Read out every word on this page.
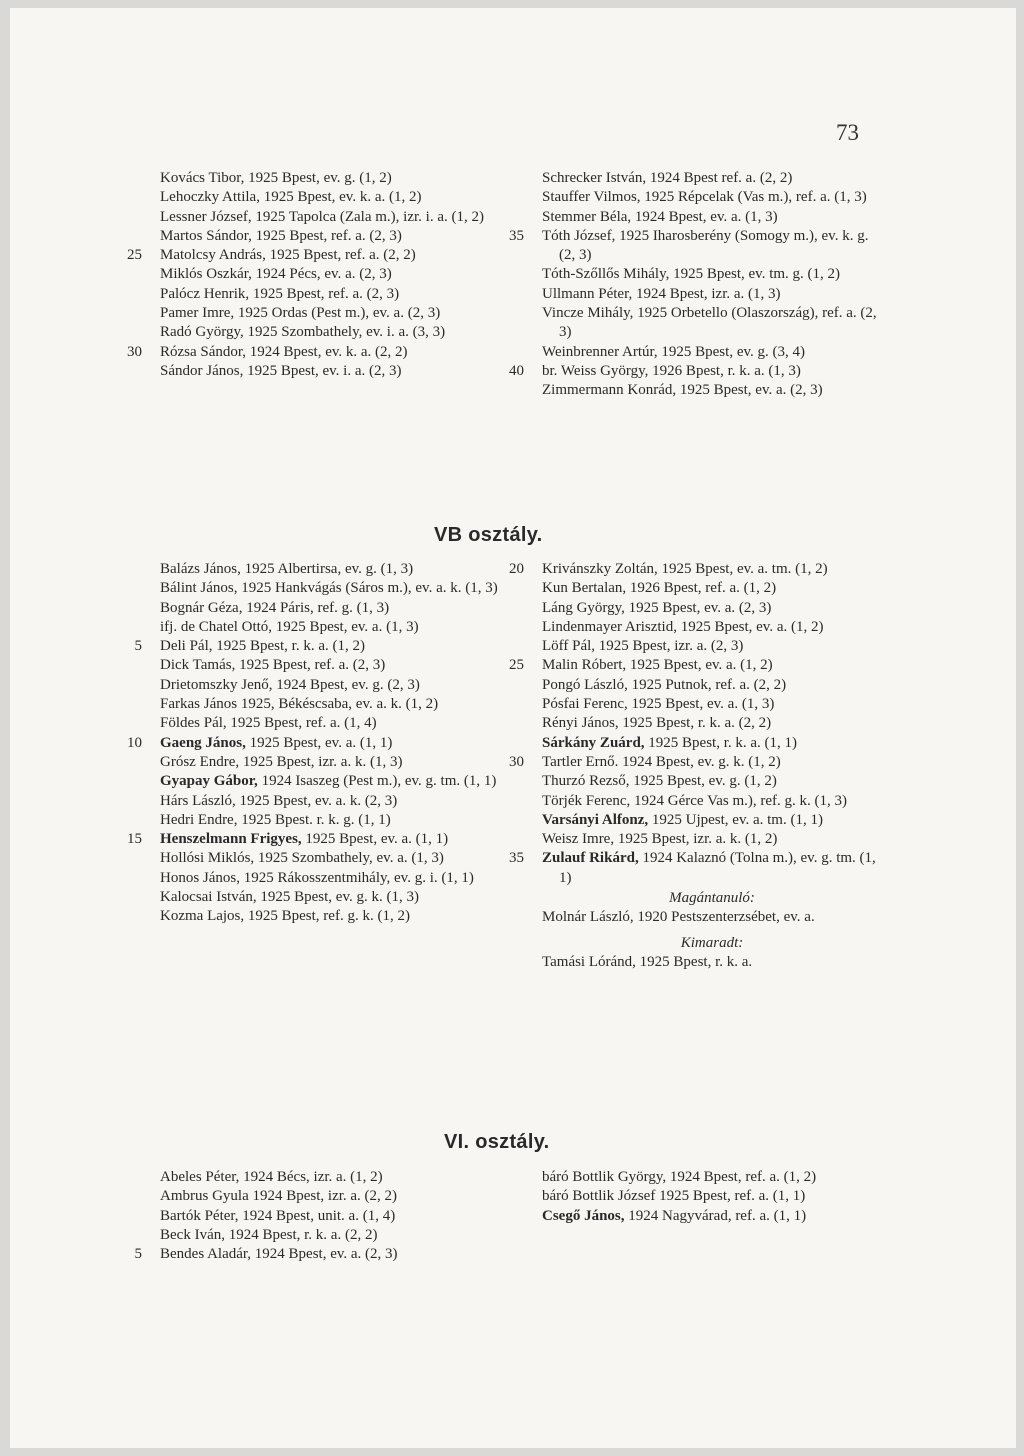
73
Kovács Tibor, 1925 Bpest, ev. g. (1, 2)
Lehoczky Attila, 1925 Bpest, ev. k. a. (1, 2)
Lessner József, 1925 Tapolca (Zala m.), izr. i. a. (1, 2)
Martos Sándor, 1925 Bpest, ref. a. (2, 3)
25 Matolcsy András, 1925 Bpest, ref. a. (2, 2)
Miklós Oszkár, 1924 Pécs, ev. a. (2, 3)
Palócz Henrik, 1925 Bpest, ref. a. (2, 3)
Pamer Imre, 1925 Ordas (Pest m.), ev. a. (2, 3)
Radó György, 1925 Szombathely, ev. i. a. (3, 3)
30 Rózsa Sándor, 1924 Bpest, ev. k. a. (2, 2)
Sándor János, 1925 Bpest, ev. i. a. (2, 3)
Schrecker István, 1924 Bpest ref. a. (2, 2)
Stauffer Vilmos, 1925 Répcelak (Vas m.), ref. a. (1, 3)
Stemmer Béla, 1924 Bpest, ev. a. (1, 3)
35 Tóth József, 1925 Iharosberény (Somogy m.), ev. k. g. (2, 3)
Tóth-Szőllős Mihály, 1925 Bpest, ev. tm. g. (1, 2)
Ullmann Péter, 1924 Bpest, izr. a. (1, 3)
Vincze Mihály, 1925 Orbetello (Olaszország), ref. a. (2, 3)
Weinbrenner Artúr, 1925 Bpest, ev. g. (3, 4)
40 br. Weiss György, 1926 Bpest, r. k. a. (1, 3)
Zimmermann Konrád, 1925 Bpest, ev. a. (2, 3)
VB osztály.
Balázs János, 1925 Albertirsa, ev. g. (1, 3)
Bálint János, 1925 Hankvágás (Sáros m.), ev. a. k. (1, 3)
Bognár Géza, 1924 Páris, ref. g. (1, 3)
ifj. de Chatel Ottó, 1925 Bpest, ev. a. (1, 3)
5 Deli Pál, 1925 Bpest, r. k. a. (1, 2)
Dick Tamás, 1925 Bpest, ref. a. (2, 3)
Drietomszky Jenő, 1924 Bpest, ev. g. (2, 3)
Farkas János 1925, Békéscsaba, ev. a. k. (1, 2)
Földes Pál, 1925 Bpest, ref. a. (1, 4)
10 Gaeng János, 1925 Bpest, ev. a. (1, 1)
Grósz Endre, 1925 Bpest, izr. a. k. (1, 3)
Gyapay Gábor, 1924 Isaszeg (Pest m.), ev. g. tm. (1, 1)
Hárs László, 1925 Bpest, ev. a. k. (2, 3)
Hedri Endre, 1925 Bpest. r. k. g. (1, 1)
15 Henszelmann Frigyes, 1925 Bpest, ev. a. (1, 1)
Hollósi Miklós, 1925 Szombathely, ev. a. (1, 3)
Honos János, 1925 Rákosszentmihály, ev. g. i. (1, 1)
Kalocsai István, 1925 Bpest, ev. g. k. (1, 3)
Kozma Lajos, 1925 Bpest, ref. g. k. (1, 2)
20 Krivánszky Zoltán, 1925 Bpest, ev. a. tm. (1, 2)
Kun Bertalan, 1926 Bpest, ref. a. (1, 2)
Láng György, 1925 Bpest, ev. a. (2, 3)
Lindenmayer Arisztid, 1925 Bpest, ev. a. (1, 2)
Löff Pál, 1925 Bpest, izr. a. (2, 3)
25 Malin Róbert, 1925 Bpest, ev. a. (1, 2)
Pongó László, 1925 Putnok, ref. a. (2, 2)
Pósfai Ferenc, 1925 Bpest, ev. a. (1, 3)
Rényi János, 1925 Bpest, r. k. a. (2, 2)
Sárkány Zuárd, 1925 Bpest, r. k. a. (1, 1)
30 Tartler Ernő. 1924 Bpest, ev. g. k. (1, 2)
Thurzó Rezső, 1925 Bpest, ev. g. (1, 2)
Törjék Ferenc, 1924 Gérce Vas m.), ref. g. k. (1, 3)
Varsányi Alfonz, 1925 Ujpest, ev. a. tm. (1, 1)
Weisz Imre, 1925 Bpest, izr. a. k. (1, 2)
35 Zulauf Rikárd, 1924 Kalaznó (Tolna m.), ev. g. tm. (1, 1)
Magántanuló:
Molnár László, 1920 Pestszenterzsébet, ev. a.
Kimaradt:
Tamási Lóránd, 1925 Bpest, r. k. a.
VI. osztály.
Abeles Péter, 1924 Bécs, izr. a. (1, 2)
Ambrus Gyula 1924 Bpest, izr. a. (2, 2)
Bartók Péter, 1924 Bpest, unit. a. (1, 4)
Beck Iván, 1924 Bpest, r. k. a. (2, 2)
5 Bendes Aladár, 1924 Bpest, ev. a. (2, 3)
báró Bottlik György, 1924 Bpest, ref. a. (1, 2)
báró Bottlik József 1925 Bpest, ref. a. (1, 1)
Csegő János, 1924 Nagyvárad, ref. a. (1, 1)
